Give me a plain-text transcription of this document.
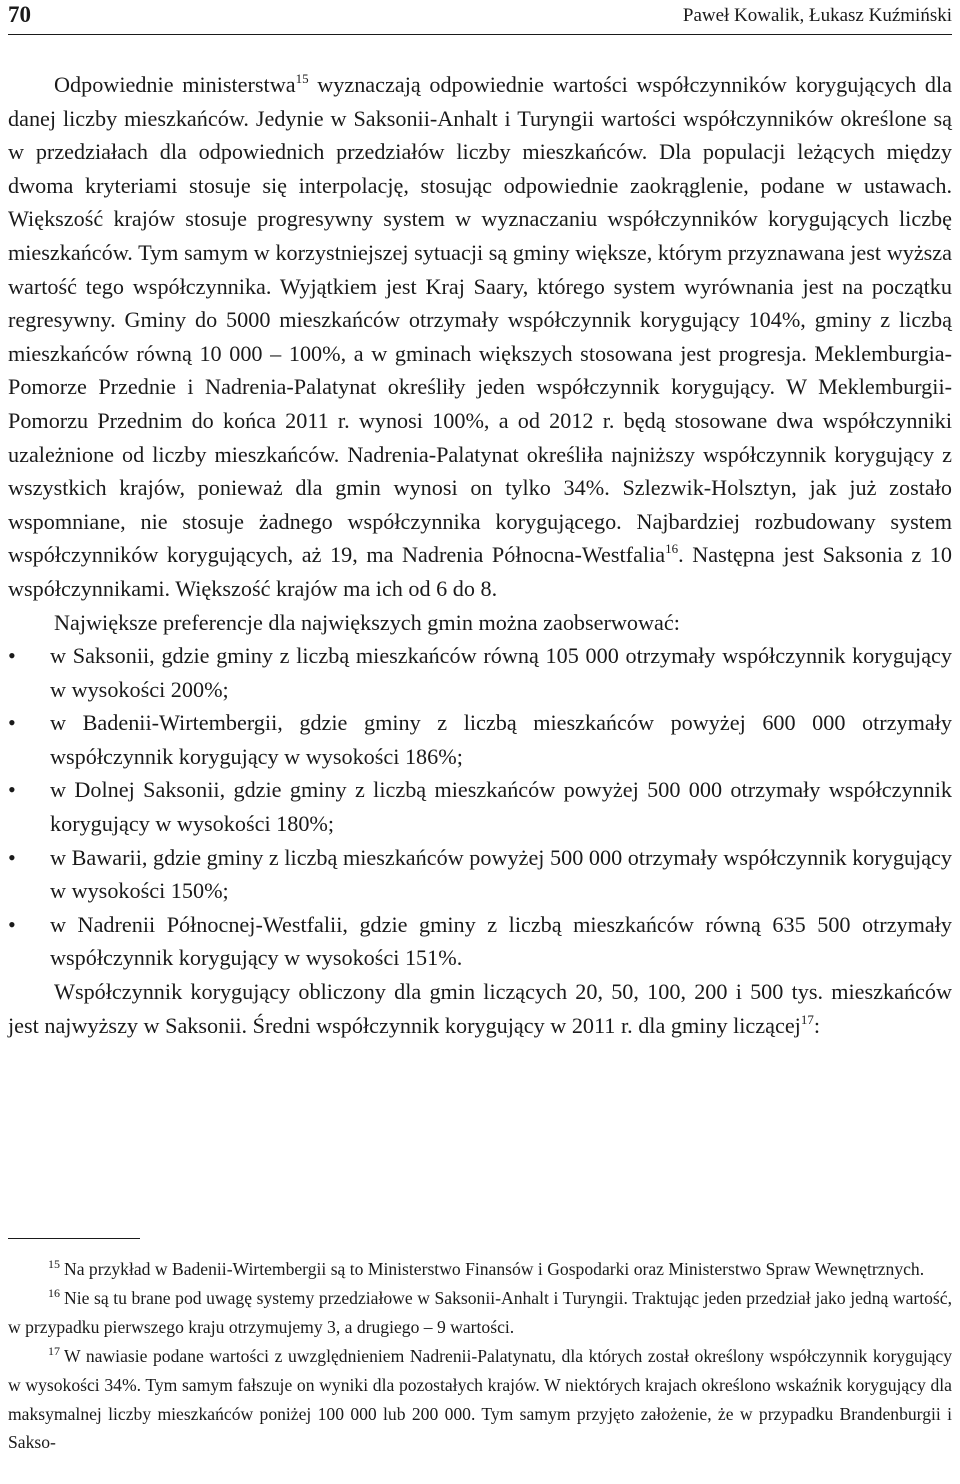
70	Paweł Kowalik, Łukasz Kuźmiński

Odpowiednie ministerstwa$^{15}$ wyznaczają odpowiednie wartości współczynników korygujących dla danej liczby mieszkańców. Jedynie w Saksonii-Anhalt i Turyngii wartości współczynników określone są w przedziałach dla odpowiednich przedziałów liczby mieszkańców. Dla populacji leżących między dwoma kryteriami stosuje się interpolację, stosując odpowiednie zaokrąglenie, podane w ustawach. Większość krajów stosuje progresywny system w wyznaczaniu współczynników korygujących liczbę mieszkańców. Tym samym w korzystniejszej sytuacji są gminy większe, którym przyznawana jest wyższa wartość tego współczynnika. Wyjątkiem jest Kraj Saary, którego system wyrównania jest na początku regresywny. Gminy do 5000 mieszkańców otrzymały współczynnik korygujący 104%, gminy z liczbą mieszkańców równą 10 000 – 100%, a w gminach większych stosowana jest progresja. Meklemburgia-Pomorze Przednie i Nadrenia-Palatynat określiły jeden współczynnik korygujący. W Meklemburgii-Pomorzu Przednim do końca 2011 r. wynosi 100%, a od 2012 r. będą stosowane dwa współczynniki uzależnione od liczby mieszkańców. Nadrenia-Palatynat określiła najniższy współczynnik korygujący z wszystkich krajów, ponieważ dla gmin wynosi on tylko 34%. Szlezwik-Holsztyn, jak już zostało wspomniane, nie stosuje żadnego współczynnika korygującego. Najbardziej rozbudowany system współczynników korygujących, aż 19, ma Nadrenia Północna-Westfalia$^{16}$. Następna jest Saksonia z 10 współczynnikami. Większość krajów ma ich od 6 do 8.

Największe preferencje dla największych gmin można zaobserwować:

• w Saksonii, gdzie gminy z liczbą mieszkańców równą 105 000 otrzymały współczynnik korygujący w wysokości 200%;
• w Badenii-Wirtembergii, gdzie gminy z liczbą mieszkańców powyżej 600 000 otrzymały współczynnik korygujący w wysokości 186%;
• w Dolnej Saksonii, gdzie gminy z liczbą mieszkańców powyżej 500 000 otrzymały współczynnik korygujący w wysokości 180%;
• w Bawarii, gdzie gminy z liczbą mieszkańców powyżej 500 000 otrzymały współczynnik korygujący w wysokości 150%;
• w Nadrenii Północnej-Westfalii, gdzie gminy z liczbą mieszkańców równą 635 500 otrzymały współczynnik korygujący w wysokości 151%.

Współczynnik korygujący obliczony dla gmin liczących 20, 50, 100, 200 i 500 tys. mieszkańców jest najwyższy w Saksonii. Średni współczynnik korygujący w 2011 r. dla gminy liczącej$^{17}$:

$^{15}$ Na przykład w Badenii-Wirtembergii są to Ministerstwo Finansów i Gospodarki oraz Ministerstwo Spraw Wewnętrznych.

$^{16}$ Nie są tu brane pod uwagę systemy przedziałowe w Saksonii-Anhalt i Turyngii. Traktując jeden przedział jako jedną wartość, w przypadku pierwszego kraju otrzymujemy 3, a drugiego – 9 wartości.

$^{17}$ W nawiasie podane wartości z uwzględnieniem Nadrenii-Palatynatu, dla których został określony współczynnik korygujący w wysokości 34%. Tym samym fałszuje on wyniki dla pozostałych krajów. W niektórych krajach określono wskaźnik korygujący dla maksymalnej liczby mieszkańców poniżej 100 000 lub 200 000. Tym samym przyjęto założenie, że w przypadku Brandenburgii i Sakso-
